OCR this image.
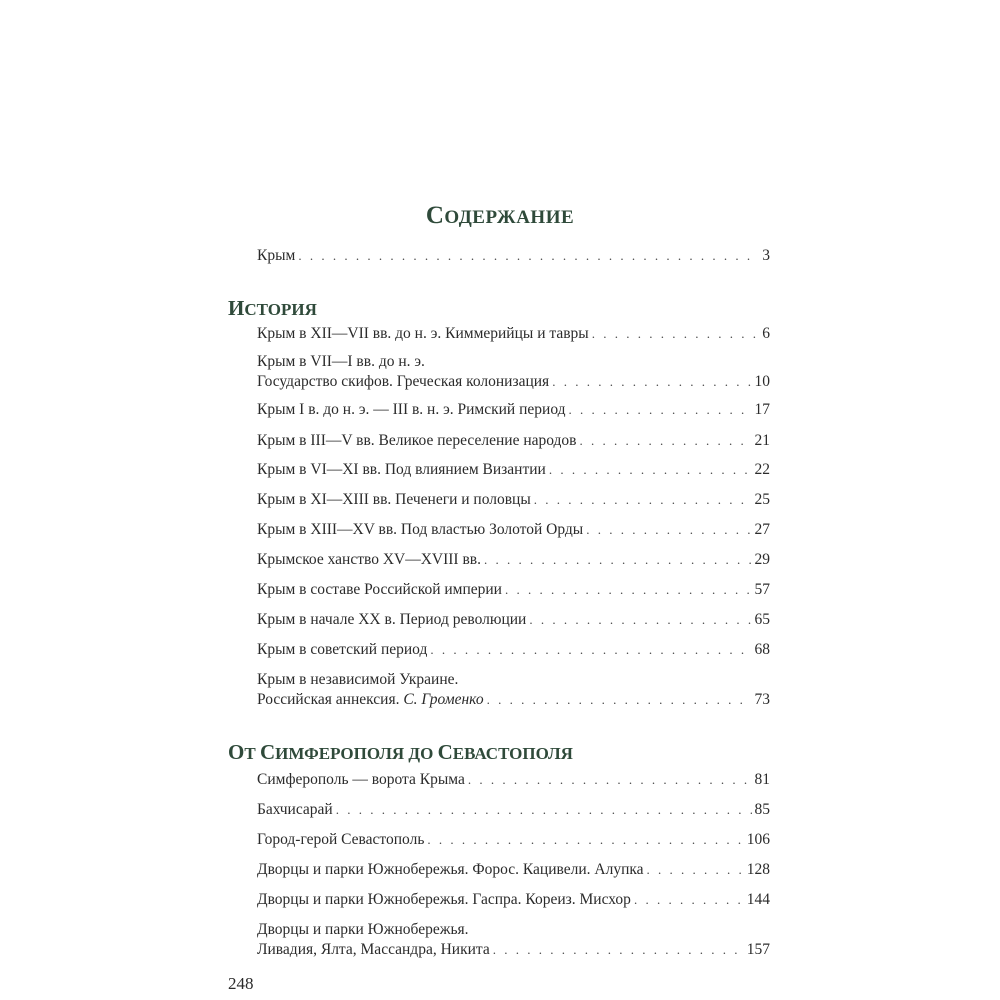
СОДЕРЖАНИЕ
Крым . . .	3
ИСТОРИЯ
Крым в XII—VII вв. до н. э. Киммерийцы и тавры . . .	6
Крым в VII—I вв. до н. э.
Государство скифов. Греческая колонизация . . .	10
Крым I в. до н. э. — III в. н. э. Римский период . . .	17
Крым в III—V вв. Великое переселение народов . . .	21
Крым в VI—XI вв. Под влиянием Византии . . .	22
Крым в XI—XIII вв. Печенеги и половцы . . .	25
Крым в XIII—XV вв. Под властью Золотой Орды . . .	27
Крымское ханство XV—XVIII вв. . . .	29
Крым в составе Российской империи . . .	57
Крым в начале XX в. Период революции . . .	65
Крым в советский период . . .	68
Крым в независимой Украине.
Российская аннексия. С. Громенко . . .	73
ОТ СИМФЕРОПОЛЯ ДО СЕВАСТОПОЛЯ
Симферополь — ворота Крыма . . .	81
Бахчисарай . . .	85
Город-герой Севастополь . . .	106
Дворцы и парки Южнобережья. Форос. Кацивели. Алупка . . .	128
Дворцы и парки Южнобережья. Гаспра. Кореиз. Мисхор . . .	144
Дворцы и парки Южнобережья.
Ливадия, Ялта, Массандра, Никита . . .	157
248
